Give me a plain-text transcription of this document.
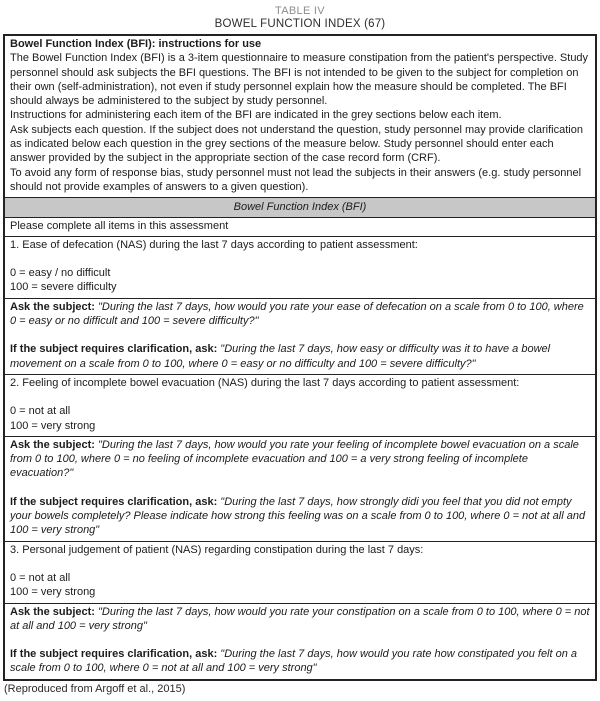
TABLE IV
BOWEL FUNCTION INDEX (67)

Bowel Function Index (BFI): instructions for use

The Bowel Function Index (BFI) is a 3-item questionnaire to measure constipation from the patient's perspective. Study personnel should ask subjects the BFI questions. The BFI is not intended to be given to the subject for completion on their own (self-administration), not even if study personnel explain how the measure should be completed. The BFI should always be administered to the subject by study personnel.

Instructions for administering each item of the BFI are indicated in the grey sections below each item.

Ask subjects each question. If the subject does not understand the question, study personnel may provide clarification as indicated below each question in the grey sections of the measure below. Study personnel should enter each answer provided by the subject in the appropriate section of the case record form (CRF).

To avoid any form of response bias, study personnel must not lead the subjects in their answers (e.g. study personnel should not provide examples of answers to a given question).

Bowel Function Index (BFI)
Please complete all items in this assessment

1. Ease of defecation (NAS) during the last 7 days according to patient assessment:

0 = easy / no difficult

100 = severe difficulty

Ask the subject: "During the last 7 days, how would you rate your ease of defecation on a scale from 0 to 100, where 0 = easy or no difficult and 100 = severe difficulty?"

If the subject requires clarification, ask: "During the last 7 days, how easy or difficulty was it to have a bowel movement on a scale from 0 to 100, where 0 = easy or no difficulty and 100 = severe difficulty?"

2. Feeling of incomplete bowel evacuation (NAS) during the last 7 days according to patient assessment:

0 = not at all

100 = very strong

Ask the subject: "During the last 7 days, how would you rate your feeling of incomplete bowel evacuation on a scale from 0 to 100, where 0 = no feeling of incomplete evacuation and 100 = a very strong feeling of incomplete evacuation?"

If the subject requires clarification, ask: "During the last 7 days, how strongly didi you feel that you did not empty your bowels completely? Please indicate how strong this feeling was on a scale from 0 to 100, where 0 = not at all and 100 = very strong"

3. Personal judgement of patient (NAS) regarding constipation during the last 7 days:

0 = not at all

100 = very strong

Ask the subject: "During the last 7 days, how would you rate your constipation on a scale from 0 to 100, where 0 = not at all and 100 = very strong"

If the subject requires clarification, ask: "During the last 7 days, how would you rate how constipated you felt on a scale from 0 to 100, where 0 = not at all and 100 = very strong"

(Reproduced from Argoff et al., 2015)
